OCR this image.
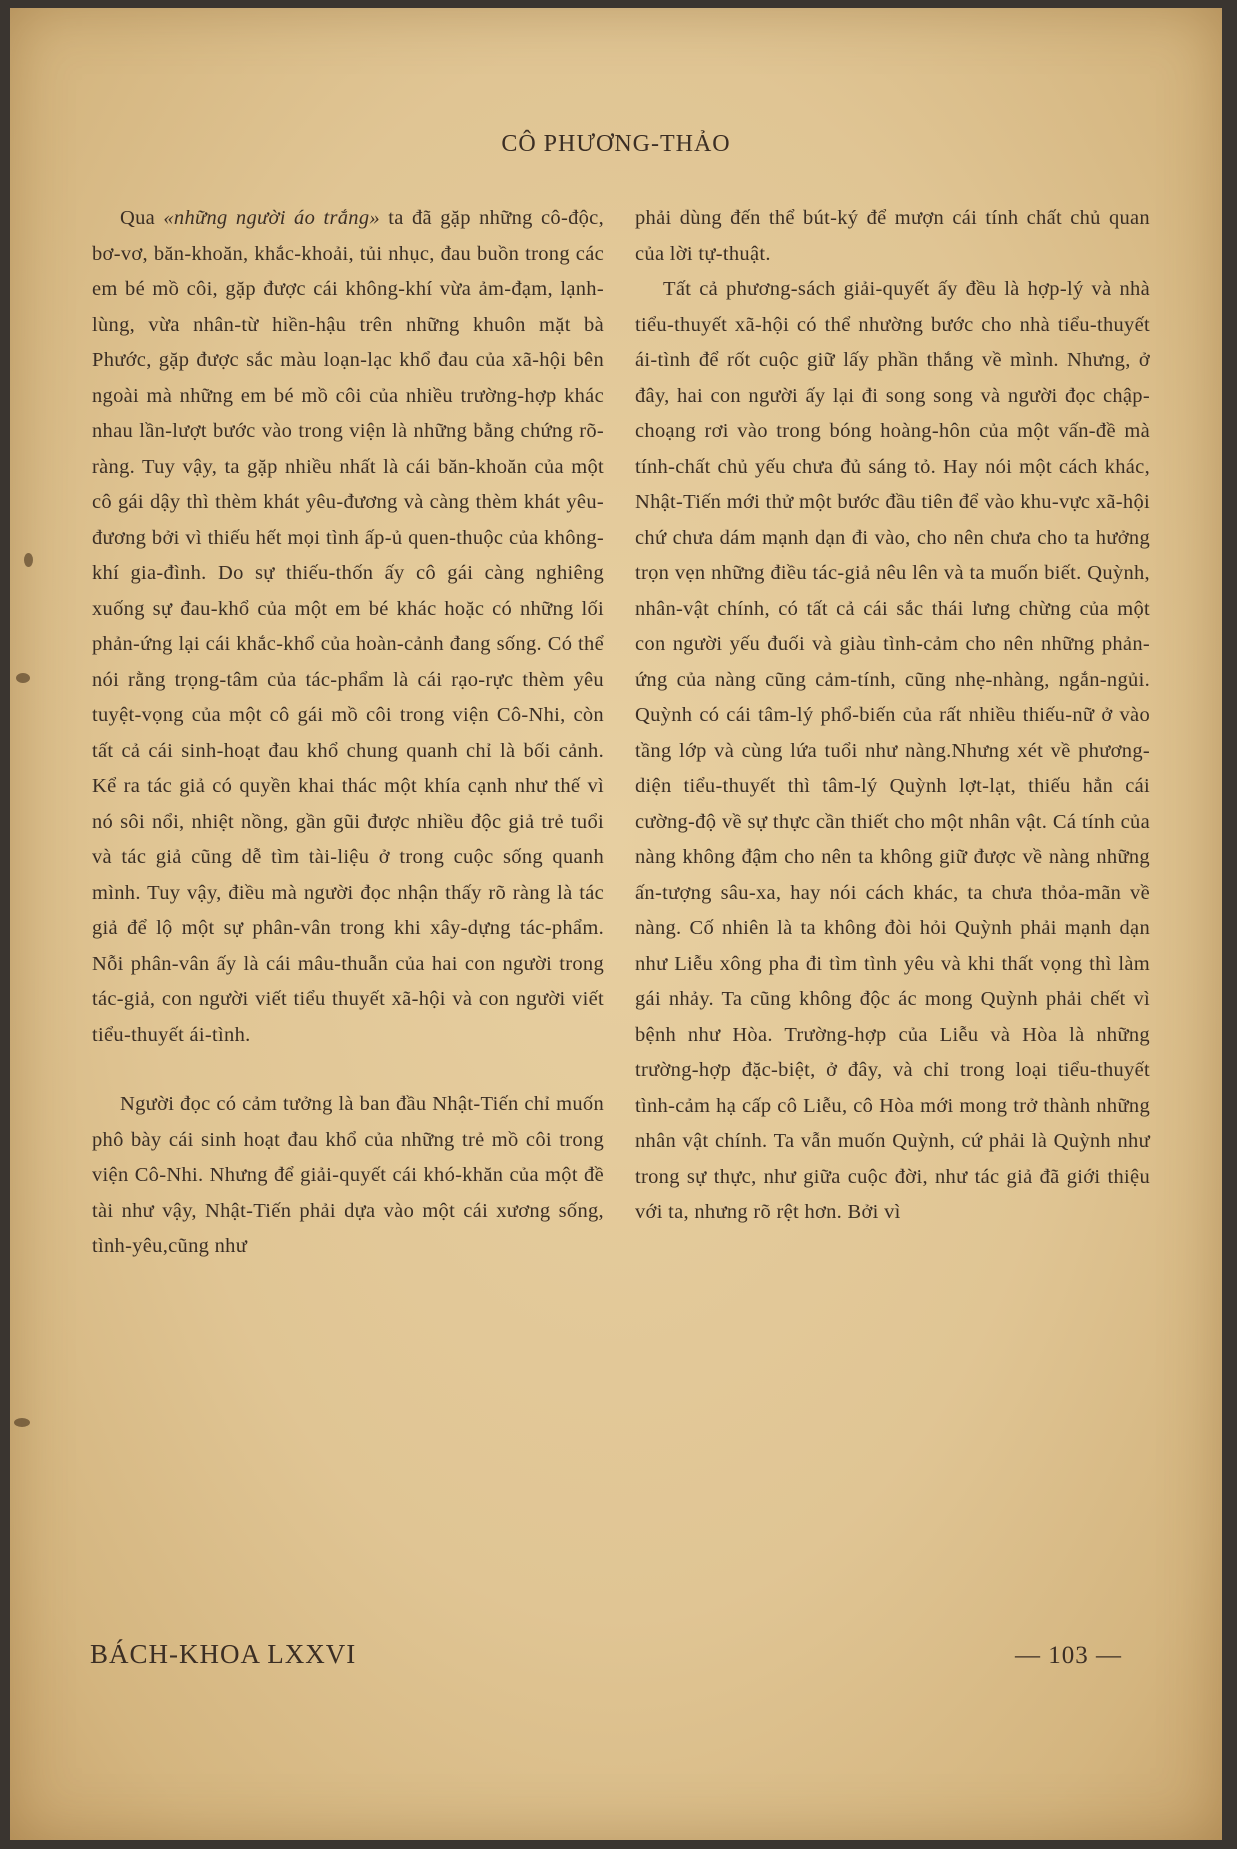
CÔ PHƯƠNG-THẢO

Qua «những người áo trắng» ta đã gặp những cô-độc, bơ-vơ, băn-khoăn, khắc-khoải, tủi nhục, đau buồn trong các em bé mồ côi, gặp được cái không-khí vừa ảm-đạm, lạnh-lùng, vừa nhân-từ hiền-hậu trên những khuôn mặt bà Phước, gặp được sắc màu loạn-lạc khổ đau của xã-hội bên ngoài mà những em bé mồ côi của nhiều trường-hợp khác nhau lần-lượt bước vào trong viện là những bằng chứng rõ-ràng. Tuy vậy, ta gặp nhiều nhất là cái băn-khoăn của một cô gái dậy thì thèm khát yêu-đương và càng thèm khát yêu-đương bởi vì thiếu hết mọi tình ấp-ủ quen-thuộc của không-khí gia-đình. Do sự thiếu-thốn ấy cô gái càng nghiêng xuống sự đau-khổ của một em bé khác hoặc có những lối phản-ứng lại cái khắc-khổ của hoàn-cảnh đang sống. Có thể nói rằng trọng-tâm của tác-phẩm là cái rạo-rực thèm yêu tuyệt-vọng của một cô gái mồ côi trong viện Cô-Nhi, còn tất cả cái sinh-hoạt đau khổ chung quanh chỉ là bối cảnh. Kể ra tác giả có quyền khai thác một khía cạnh như thế vì nó sôi nổi, nhiệt nồng, gần gũi được nhiều độc giả trẻ tuổi và tác giả cũng dễ tìm tài-liệu ở trong cuộc sống quanh mình. Tuy vậy, điều mà người đọc nhận thấy rõ ràng là tác giả để lộ một sự phân-vân trong khi xây-dựng tác-phẩm. Nỗi phân-vân ấy là cái mâu-thuẫn của hai con người trong tác-giả, con người viết tiểu thuyết xã-hội và con người viết tiểu-thuyết ái-tình.

Người đọc có cảm tưởng là ban đầu Nhật-Tiến chỉ muốn phô bày cái sinh hoạt đau khổ của những trẻ mồ côi trong viện Cô-Nhi. Nhưng để giải-quyết cái khó-khăn của một đề tài như vậy, Nhật-Tiến phải dựa vào một cái xương sống, tình-yêu,cũng như

phải dùng đến thể bút-ký để mượn cái tính chất chủ quan của lời tự-thuật.

Tất cả phương-sách giải-quyết ấy đều là hợp-lý và nhà tiểu-thuyết xã-hội có thể nhường bước cho nhà tiểu-thuyết ái-tình để rốt cuộc giữ lấy phần thắng về mình. Nhưng, ở đây, hai con người ấy lại đi song song và người đọc chập-choạng rơi vào trong bóng hoàng-hôn của một vấn-đề mà tính-chất chủ yếu chưa đủ sáng tỏ. Hay nói một cách khác, Nhật-Tiến mới thử một bước đầu tiên để vào khu-vực xã-hội chứ chưa dám mạnh dạn đi vào, cho nên chưa cho ta hưởng trọn vẹn những điều tác-giả nêu lên và ta muốn biết. Quỳnh, nhân-vật chính, có tất cả cái sắc thái lưng chừng của một con người yếu đuối và giàu tình-cảm cho nên những phản-ứng của nàng cũng cảm-tính, cũng nhẹ-nhàng, ngắn-ngủi. Quỳnh có cái tâm-lý phổ-biến của rất nhiều thiếu-nữ ở vào tầng lớp và cùng lứa tuổi như nàng.Nhưng xét về phương-diện tiểu-thuyết thì tâm-lý Quỳnh lợt-lạt, thiếu hẳn cái cường-độ về sự thực cần thiết cho một nhân vật. Cá tính của nàng không đậm cho nên ta không giữ được về nàng những ấn-tượng sâu-xa, hay nói cách khác, ta chưa thỏa-mãn về nàng. Cố nhiên là ta không đòi hỏi Quỳnh phải mạnh dạn như Liễu xông pha đi tìm tình yêu và khi thất vọng thì làm gái nhảy. Ta cũng không độc ác mong Quỳnh phải chết vì bệnh như Hòa. Trường-hợp của Liễu và Hòa là những trường-hợp đặc-biệt, ở đây, và chỉ trong loại tiểu-thuyết tình-cảm hạ cấp cô Liễu, cô Hòa mới mong trở thành những nhân vật chính. Ta vẫn muốn Quỳnh, cứ phải là Quỳnh như trong sự thực, như giữa cuộc đời, như tác giả đã giới thiệu với ta, nhưng rõ rệt hơn. Bởi vì

BÁCH-KHOA LXXVI	— 103 —
